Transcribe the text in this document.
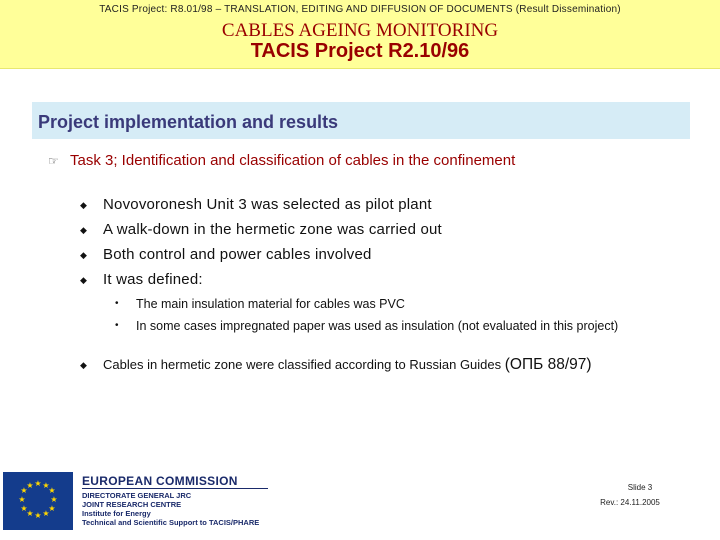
TACIS Project: R8.01/98 – TRANSLATION, EDITING AND DIFFUSION OF DOCUMENTS (Result Dissemination)
CABLES AGEING MONITORING
TACIS Project R2.10/96
Project implementation and results
☞ Task 3; Identification and classification of cables in the confinement
◆ Novovoronesh Unit 3 was selected as pilot plant
◆ A walk-down in the hermetic zone was carried out
◆ Both control and power cables involved
◆ It was defined:
• The main insulation material for cables was PVC
• In some cases impregnated paper was used as insulation (not evaluated in this project)
◆ Cables in hermetic zone were classified according to Russian Guides (ОПБ 88/97)
★ ★
★
★
★
★
★
★
★
★
★
★	EUROPEAN COMMISSION
DIRECTORATE GENERAL JRC
JOINT RESEARCH CENTRE
Institute for Energy
Technical and Scientific Support to TACIS/PHARE
Slide 3
Rev.: 24.11.2005
